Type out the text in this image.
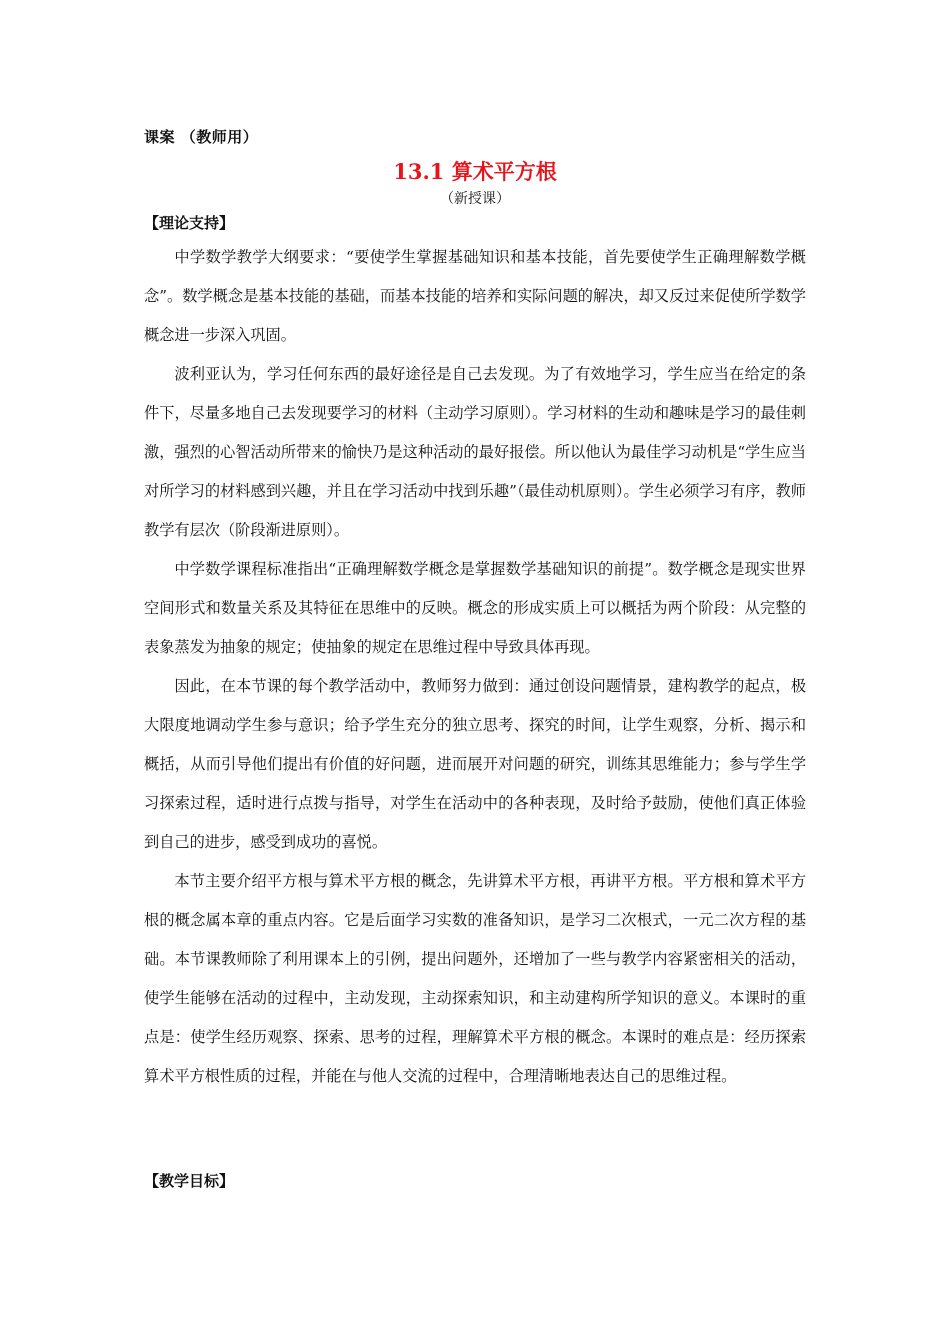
课案 （教师用）
13.1 算术平方根
（新授课）
【理论支持】

中学数学教学大纲要求：“要使学生掌握基础知识和基本技能，首先要使学生正确理解数学概念”。数学概念是基本技能的基础，而基本技能的培养和实际问题的解决，却又反过来促使所学数学概念进一步深入巩固。

波利亚认为，学习任何东西的最好途径是自己去发现。为了有效地学习，学生应当在给定的条件下，尽量多地自己去发现要学习的材料（主动学习原则）。学习材料的生动和趣味是学习的最佳刺激，强烈的心智活动所带来的愉快乃是这种活动的最好报偿。所以他认为最佳学习动机是“学生应当对所学习的材料感到兴趣，并且在学习活动中找到乐趣”（最佳动机原则）。学生必须学习有序，教师教学有层次（阶段渐进原则）。

中学数学课程标准指出“正确理解数学概念是掌握数学基础知识的前提”。数学概念是现实世界空间形式和数量关系及其特征在思维中的反映。概念的形成实质上可以概括为两个阶段：从完整的表象蒸发为抽象的规定；使抽象的规定在思维过程中导致具体再现。

因此，在本节课的每个教学活动中，教师努力做到：通过创设问题情景，建构教学的起点，极大限度地调动学生参与意识；给予学生充分的独立思考、探究的时间，让学生观察，分析、揭示和概括，从而引导他们提出有价值的好问题，进而展开对问题的研究，训练其思维能力；参与学生学习探索过程，适时进行点拨与指导，对学生在活动中的各种表现，及时给予鼓励，使他们真正体验到自己的进步，感受到成功的喜悦。

本节主要介绍平方根与算术平方根的概念，先讲算术平方根，再讲平方根。平方根和算术平方根的概念属本章的重点内容。它是后面学习实数的准备知识，是学习二次根式，一元二次方程的基础。本节课教师除了利用课本上的引例，提出问题外，还增加了一些与教学内容紧密相关的活动，使学生能够在活动的过程中，主动发现，主动探索知识，和主动建构所学知识的意义。本课时的重点是：使学生经历观察、探索、思考的过程，理解算术平方根的概念。本课时的难点是：经历探索算术平方根性质的过程，并能在与他人交流的过程中，合理清晰地表达自己的思维过程。

【教学目标】
